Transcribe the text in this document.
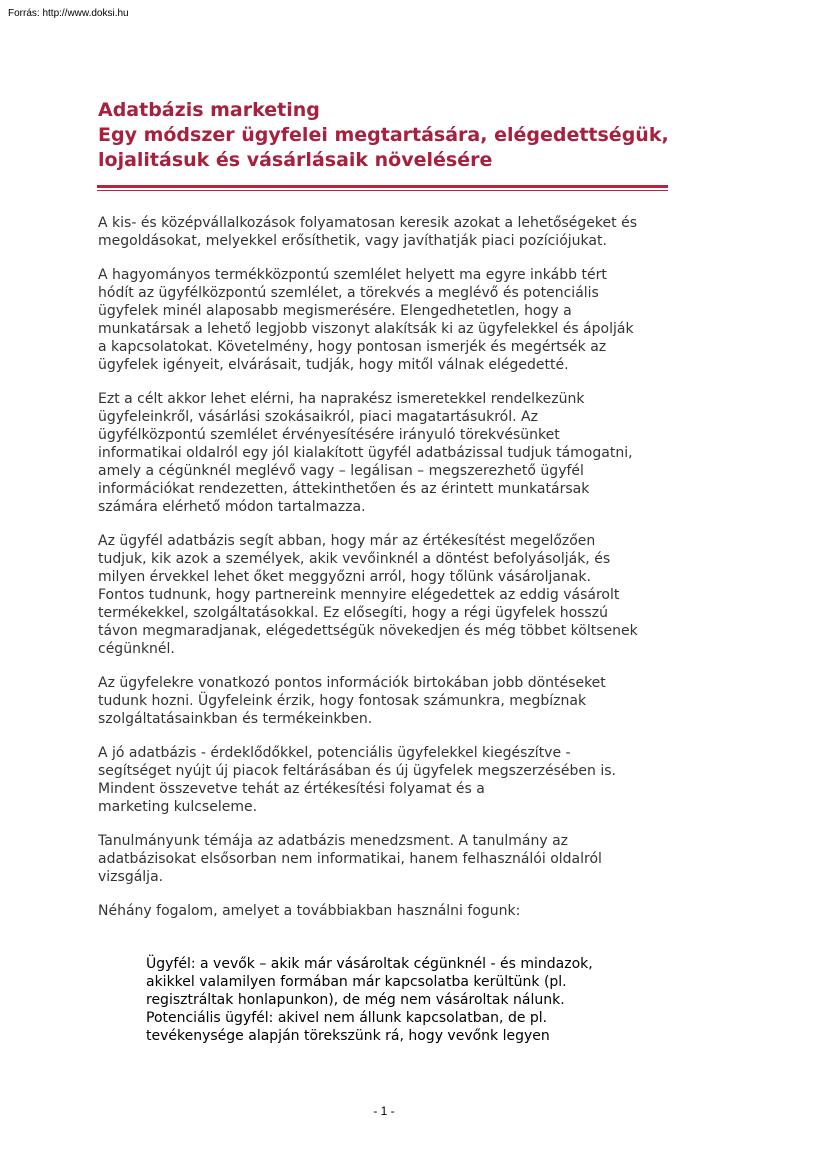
Forrás: http://www.doksi.hu
Adatbázis marketing
Egy módszer ügyfelei megtartására, elégedettségük,
lojalitásuk és vásárlásaik növelésére

A kis- és középvállalkozások folyamatosan keresik azokat a lehetőségeket és
megoldásokat, melyekkel erősíthetik, vagy javíthatják piaci pozíciójukat.

A hagyományos termékközpontú szemlélet helyett ma egyre inkább tért
hódít az ügyfélközpontú szemlélet, a törekvés a meglévő és potenciális
ügyfelek minél alaposabb megismerésére. Elengedhetetlen, hogy a
munkatársak a lehető legjobb viszonyt alakítsák ki az ügyfelekkel és ápolják
a kapcsolatokat. Követelmény, hogy pontosan ismerjék és megértsék az
ügyfelek igényeit, elvárásait, tudják, hogy mitől válnak elégedetté.

Ezt a célt akkor lehet elérni, ha naprakész ismeretekkel rendelkezünk
ügyfeleinkről, vásárlási szokásaikról, piaci magatartásukról. Az
ügyfélközpontú szemlélet érvényesítésére irányuló törekvésünket
informatikai oldalról egy jól kialakított ügyfél adatbázissal tudjuk támogatni,
amely a cégünknél meglévő vagy – legálisan – megszerezhető ügyfél
információkat rendezetten, áttekinthetően és az érintett munkatársak
számára elérhető módon tartalmazza.

Az ügyfél adatbázis segít abban, hogy már az értékesítést megelőzően
tudjuk, kik azok a személyek, akik vevőinknél a döntést befolyásolják, és
milyen érvekkel lehet őket meggyőzni arról, hogy tőlünk vásároljanak.
Fontos tudnunk, hogy partnereink mennyire elégedettek az eddig vásárolt
termékekkel, szolgáltatásokkal. Ez elősegíti, hogy a régi ügyfelek hosszú
távon megmaradjanak, elégedettségük növekedjen és még többet költsenek
cégünknél.

Az ügyfelekre vonatkozó pontos információk birtokában jobb döntéseket
tudunk hozni. Ügyfeleink érzik, hogy fontosak számunkra, megbíznak
szolgáltatásainkban és termékeinkben.

A jó adatbázis - érdeklődőkkel, potenciális ügyfelekkel kiegészítve -
segítséget nyújt új piacok feltárásában és új ügyfelek megszerzésében is.
Mindent összevetve tehát az értékesítési folyamat és a
marketing kulcseleme.

Tanulmányunk témája az adatbázis menedzsment. A tanulmány az
adatbázisokat elsősorban nem informatikai, hanem felhasználói oldalról
vizsgálja.

Néhány fogalom, amelyet a továbbiakban használni fogunk:

Ügyfél: a vevők – akik már vásároltak cégünknél - és mindazok,
akikkel valamilyen formában már kapcsolatba kerültünk (pl.
regisztráltak honlapunkon), de még nem vásároltak nálunk.
Potenciális ügyfél: akivel nem állunk kapcsolatban, de pl.
tevékenysége alapján törekszünk rá, hogy vevőnk legyen
- 1 -
